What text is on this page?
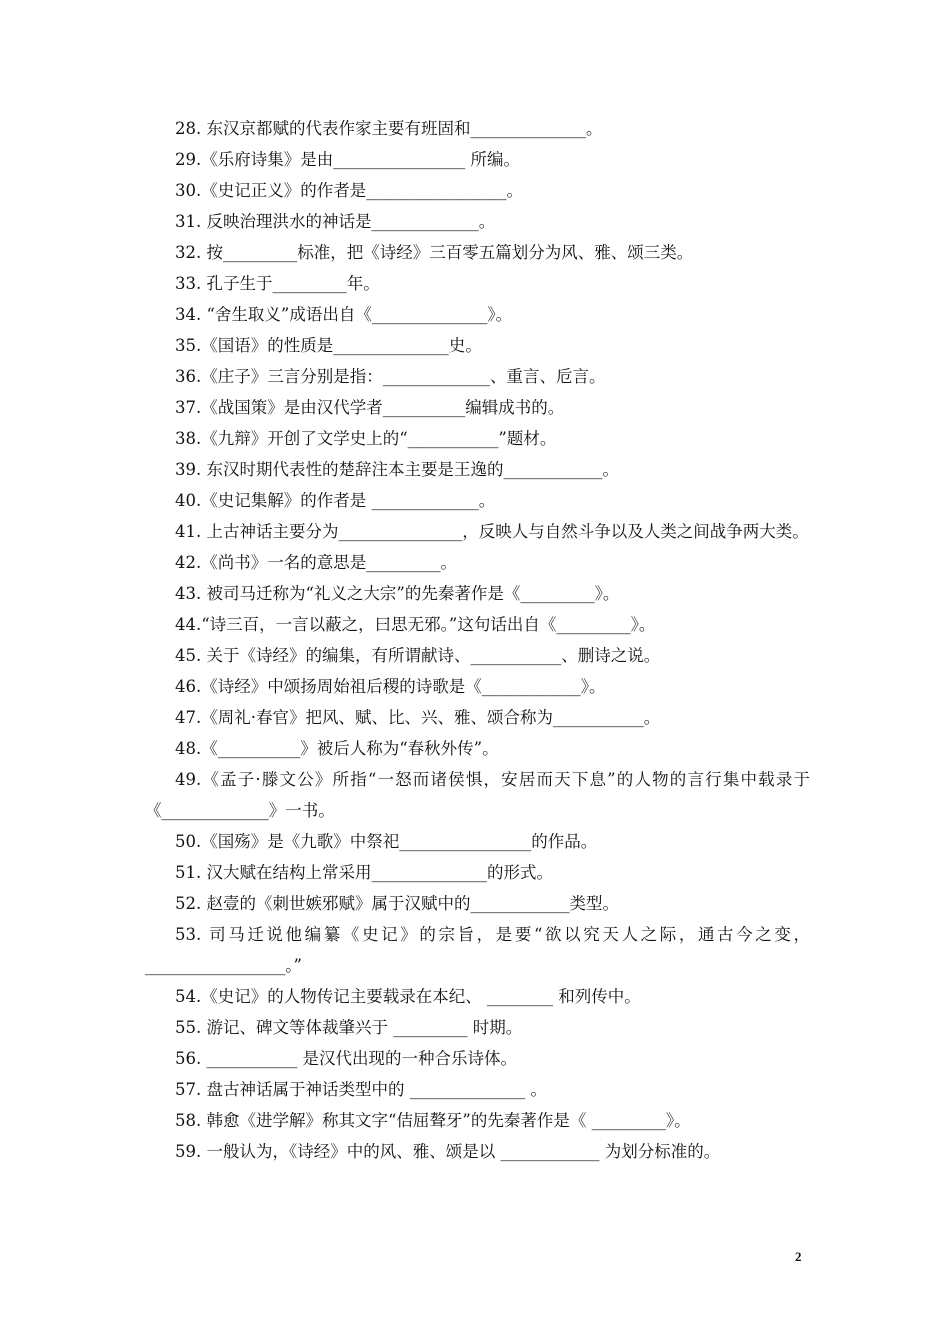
28. 东汉京都赋的代表作家主要有班固和______________。
29.《乐府诗集》是由________________ 所编。
30.《史记正义》的作者是_________________。
31. 反映治理洪水的神话是_____________。
32. 按_________标准，把《诗经》三百零五篇划分为风、雅、颂三类。
33. 孔子生于_________年。
34. “舍生取义”成语出自《______________》。
35.《国语》的性质是______________史。
36.《庄子》三言分别是指：_____________、重言、卮言。
37.《战国策》是由汉代学者__________编辑成书的。
38.《九辩》开创了文学史上的“___________”题材。
39. 东汉时期代表性的楚辞注本主要是王逸的____________。
40.《史记集解》的作者是 _____________。
41. 上古神话主要分为_______________，反映人与自然斗争以及人类之间战争两大类。
42.《尚书》一名的意思是_________。
43. 被司马迁称为“礼义之大宗”的先秦著作是《_________》。
44.“诗三百，一言以蔽之，曰思无邪。”这句话出自《_________》。
45. 关于《诗经》的编集，有所谓献诗、___________、删诗之说。
46.《诗经》中颂扬周始祖后稷的诗歌是《____________》。
47.《周礼·春官》把风、赋、比、兴、雅、颂合称为___________。
48.《__________》被后人称为“春秋外传”。
49.《孟子·滕文公》所指“一怒而诸侯惧，安居而天下息”的人物的言行集中载录于《_____________》一书。
50.《国殇》是《九歌》中祭祀________________的作品。
51. 汉大赋在结构上常采用______________的形式。
52. 赵壹的《刺世嫉邪赋》属于汉赋中的____________类型。
53. 司马迁说他编纂《史记》的宗旨，是要“欲以究天人之际，通古今之变，_________________。”
54.《史记》的人物传记主要载录在本纪、 ________ 和列传中。
55. 游记、碑文等体裁肇兴于 _________ 时期。
56. ___________ 是汉代出现的一种合乐诗体。
57. 盘古神话属于神话类型中的 ______________ 。
58. 韩愈《进学解》称其文字“佶屈聱牙”的先秦著作是《 _________》。
59. 一般认为，《诗经》中的风、雅、颂是以 ____________ 为划分标准的。
2
